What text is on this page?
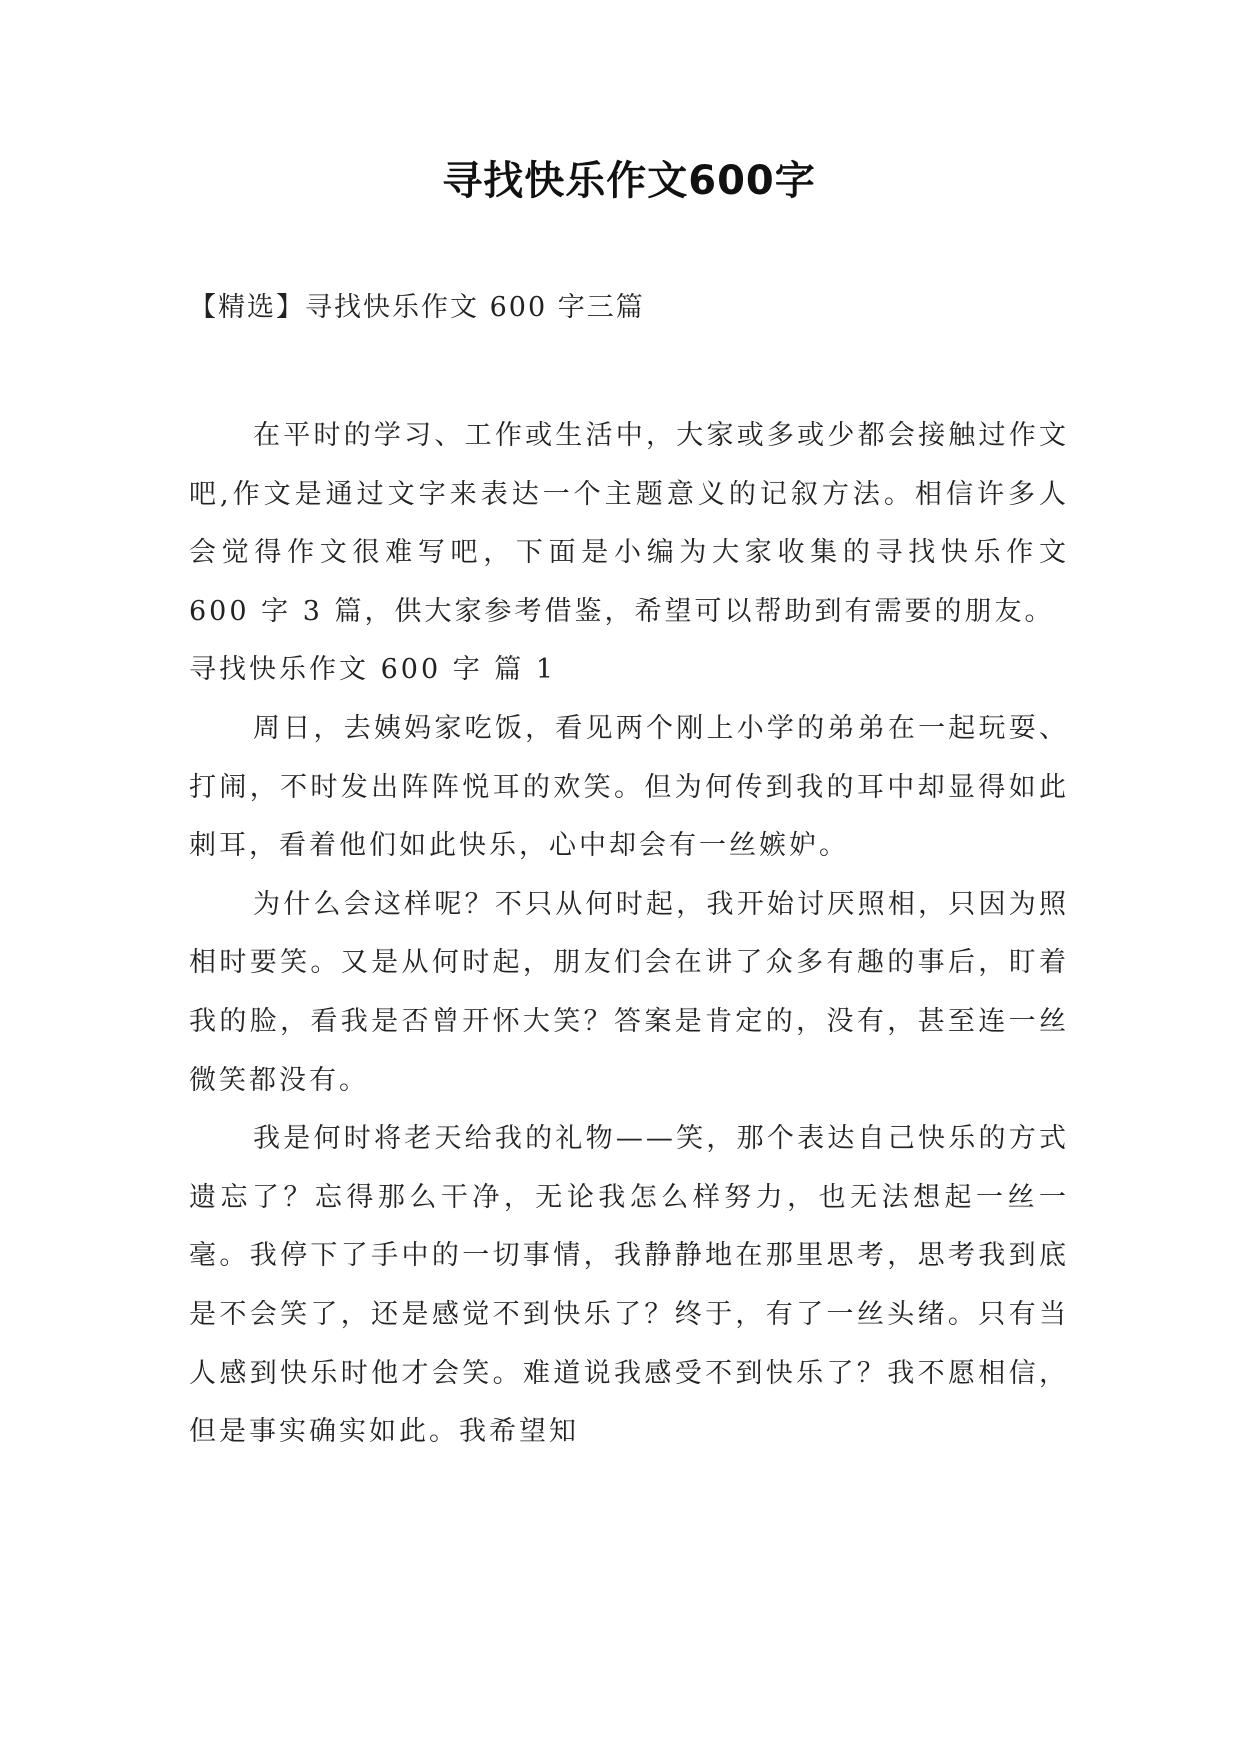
寻找快乐作文600字

【精选】寻找快乐作文 600 字三篇

在平时的学习、工作或生活中，大家或多或少都会接触过作文吧,作文是通过文字来表达一个主题意义的记叙方法。相信许多人会觉得作文很难写吧，下面是小编为大家收集的寻找快乐作文 600 字 3 篇，供大家参考借鉴，希望可以帮助到有需要的朋友。

寻找快乐作文 600 字 篇 1

周日，去姨妈家吃饭，看见两个刚上小学的弟弟在一起玩耍、打闹，不时发出阵阵悦耳的欢笑。但为何传到我的耳中却显得如此刺耳，看着他们如此快乐，心中却会有一丝嫉妒。

为什么会这样呢？不只从何时起，我开始讨厌照相，只因为照相时要笑。又是从何时起，朋友们会在讲了众多有趣的事后，盯着我的脸，看我是否曾开怀大笑？答案是肯定的，没有，甚至连一丝微笑都没有。

我是何时将老天给我的礼物——笑，那个表达自己快乐的方式遗忘了？忘得那么干净，无论我怎么样努力，也无法想起一丝一毫。我停下了手中的一切事情，我静静地在那里思考，思考我到底是不会笑了，还是感觉不到快乐了？终于，有了一丝头绪。只有当人感到快乐时他才会笑。难道说我感受不到快乐了？我不愿相信，但是事实确实如此。我希望知
